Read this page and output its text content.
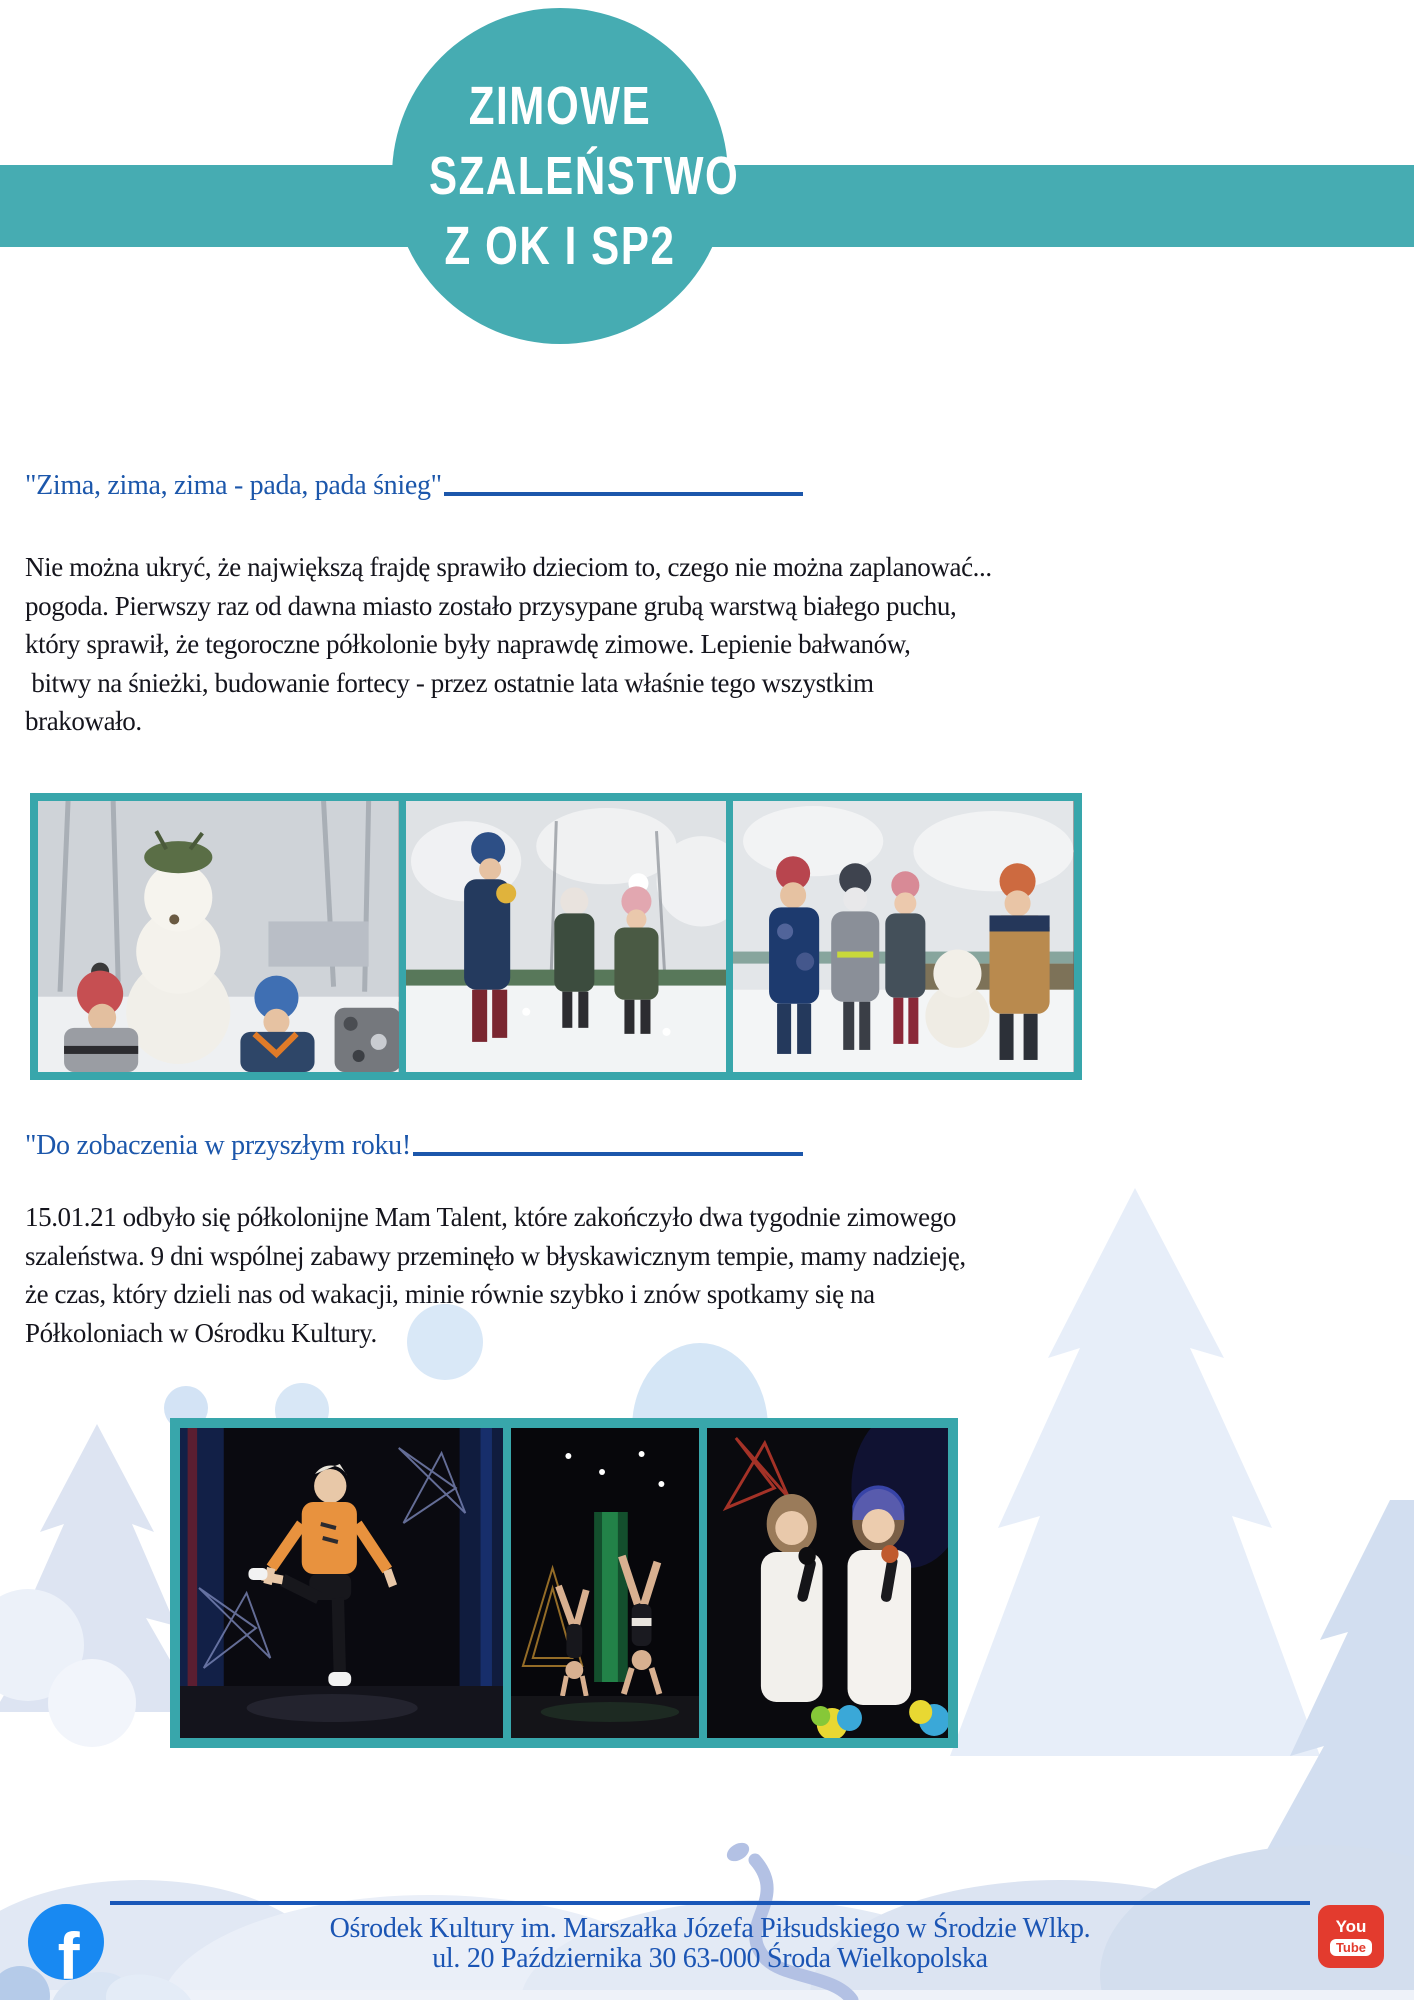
ZIMOWE
SZALEŃSTWO
Z OK I SP2
"Zima, zima, zima - pada, pada śnieg"
Nie można ukryć, że największą frajdę sprawiło dzieciom to, czego nie można zaplanować...
pogoda. Pierwszy raz od dawna miasto zostało przysypane grubą warstwą białego puchu,
który sprawił, że tegoroczne półkolonie były naprawdę zimowe. Lepienie bałwanów,
bitwy na śnieżki, budowanie fortecy - przez ostatnie lata właśnie tego wszystkim
brakowało.
"Do zobaczenia w przyszłym roku!
15.01.21 odbyło się półkolonijne Mam Talent, które zakończyło dwa tygodnie zimowego
szaleństwa. 9 dni wspólnej zabawy przeminęło w błyskawicznym tempie, mamy nadzieję,
że czas, który dzieli nas od wakacji, minie równie szybko i znów spotkamy się na
Półkoloniach w Ośrodku Kultury.
f	Ośrodek Kultury im. Marszałka Józefa Piłsudskiego w Środzie Wlkp.
ul. 20 Października 30 63-000 Środa Wielkopolska
You
Tube
